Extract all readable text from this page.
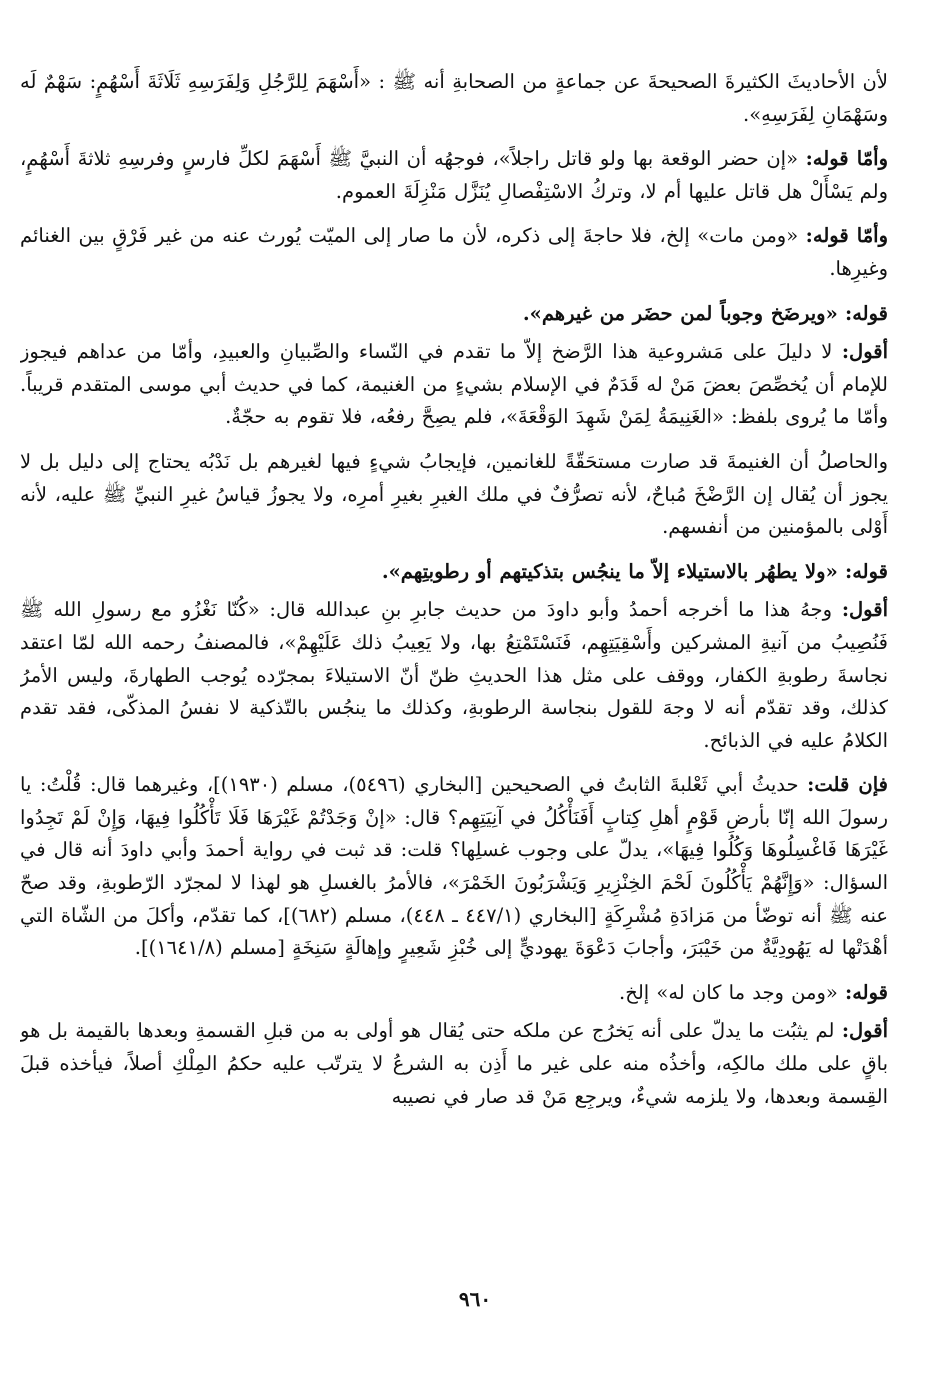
لأن الأحاديثَ الكثيرةَ الصحيحةَ عن جماعةٍ من الصحابةِ أنه ﷺ : «أَسْهَمَ لِلرَّجُلِ وَلِفَرَسِهِ ثَلَاثَةَ أَسْهُمٍ: سَهْمٌ لَه وسَهْمَانِ لِفَرَسِهِ».

وأمّا قوله: «إن حضر الوقعة بها ولو قاتل راجلاً»، فوجهُه أن النبيَّ ﷺ أَسْهَمَ لكلِّ فارسٍ وفرسِهِ ثلاثةَ أَسْهُمٍ، ولم يَسْأَلْ هل قاتل عليها أم لا، وتركُ الاسْتِفْصالِ يُنَزَّل مَنْزِلَةَ العموم.

وأمّا قوله: «ومن مات» إلخ، فلا حاجةَ إلى ذكره، لأن ما صار إلى الميّت يُورث عنه من غير فَرْقٍ بين الغنائم وغيرِها.

قوله: «ويرضَخ وجوباً لمن حضَر من غيرهم».

أقول: لا دليلَ على مَشروعية هذا الرَّضخ إلاّ ما تقدم في النّساء والصِّبيانِ والعبيدِ، وأمّا من عداهم فيجوز للإمام أن يُخصِّصَ بعضَ مَنْ له قَدَمٌ في الإسلام بشيءٍ من الغنيمة، كما في حديث أبي موسى المتقدم قريباً. وأمّا ما يُروى بلفظ: «الغَنِيمَةُ لِمَنْ شَهِدَ الوَقْعَةَ»، فلم يصِحَّ رفعُه، فلا تقوم به حجّةٌ.

والحاصلُ أن الغنيمةَ قد صارت مستحَقّةً للغانمين، فإيجابُ شيءٍ فيها لغيرهم بل نَدْبُه يحتاج إلى دليل بل لا يجوز أن يُقال إن الرَّضْخَ مُباحٌ، لأنه تصرُّفٌ في ملك الغيرِ بغيرِ أمرِه، ولا يجوزُ قياسُ غيرِ النبيِّ ﷺ عليه، لأنه أَوْلى بالمؤمنين من أنفسهم.

قوله: «ولا يطهُر بالاستيلاء إلاّ ما ينجُس بتذكيتهم أو رطوبتِهم».

أقول: وجهُ هذا ما أخرجه أحمدُ وأبو داودَ من حديث جابرِ بنِ عبدالله قال: «كُنّا نَغْزُو مع رسولِ الله ﷺ فَنُصِيبُ من آنيةِ المشركين وأَسْقِيَتِهِم، فَنَسْتَمْتِعُ بها، ولا يَعِيبُ ذلك عَلَيْهِمْ»، فالمصنفُ رحمه الله لمّا اعتقد نجاسةَ رطوبةِ الكفار، ووقف على مثل هذا الحديثِ ظنّ أنّ الاستيلاءَ بمجرّده يُوجب الطهارةَ، وليس الأمرُ كذلك، وقد تقدّم أنه لا وجهَ للقول بنجاسة الرطوبةِ، وكذلك ما ينجُس بالتّذكية لا نفسُ المذكّى، فقد تقدم الكلامُ عليه في الذبائح.

فإن قلت: حديثُ أبي ثَعْلبةَ الثابتُ في الصحيحين [البخاري (٥٤٩٦)، مسلم (١٩٣٠)]، وغيرهما قال: قُلْتُ: يا رسولَ الله إنّا بأرضِ قَوْمٍ أهلِ كِتابٍ أَفَنَأْكُلُ في آنِيَتِهِم؟ قال: «إنْ وَجَدْتُمْ غَيْرَهَا فَلَا تَأْكُلُوا فِيهَا، وَإِنْ لَمْ تَجِدُوا غَيْرَهَا فَاغْسِلُوهَا وَكُلُوا فِيهَا»، يدلّ على وجوب غسلِها؟ قلت: قد ثبت في رواية أحمدَ وأبي داودَ أنه قال في السؤال: «وَإِنَّهُمْ يَأْكُلُونَ لَحْمَ الخِنْزِيرِ وَيَشْرَبُونَ الخَمْرَ»، فالأمرُ بالغسلِ هو لهذا لا لمجرّد الرّطوبةِ، وقد صحّ عنه ﷺ أنه توضّأ من مَزادَةِ مُشْرِكَةٍ [البخاري (٤٤٧/١ ـ ٤٤٨)، مسلم (٦٨٢)]، كما تقدّم، وأكلَ من الشّاة التي أهْدَتْها له يَهُودِيَّةٌ من خَيْبَرَ، وأجابَ دَعْوَةَ يهوديٍّ إلى خُبْزِ شَعِيرٍ وإهالَةٍ سَنِخَةٍ [مسلم (١٦٤١/٨)].

قوله: «ومن وجد ما كان له» إلخ.

أقول: لم يثبُت ما يدلّ على أنه يَخرُج عن ملكه حتى يُقال هو أولى به من قبلِ القسمةِ وبعدها بالقيمة بل هو باقٍ على ملك مالكِه، وأخذُه منه على غير ما أَذِن به الشرعُ لا يترتّب عليه حكمُ المِلْكِ أصلاً، فيأخذه قبلَ القِسمة وبعدها، ولا يلزمه شيءٌ، ويرجِع مَنْ قد صار في نصيبه

٩٦٠
